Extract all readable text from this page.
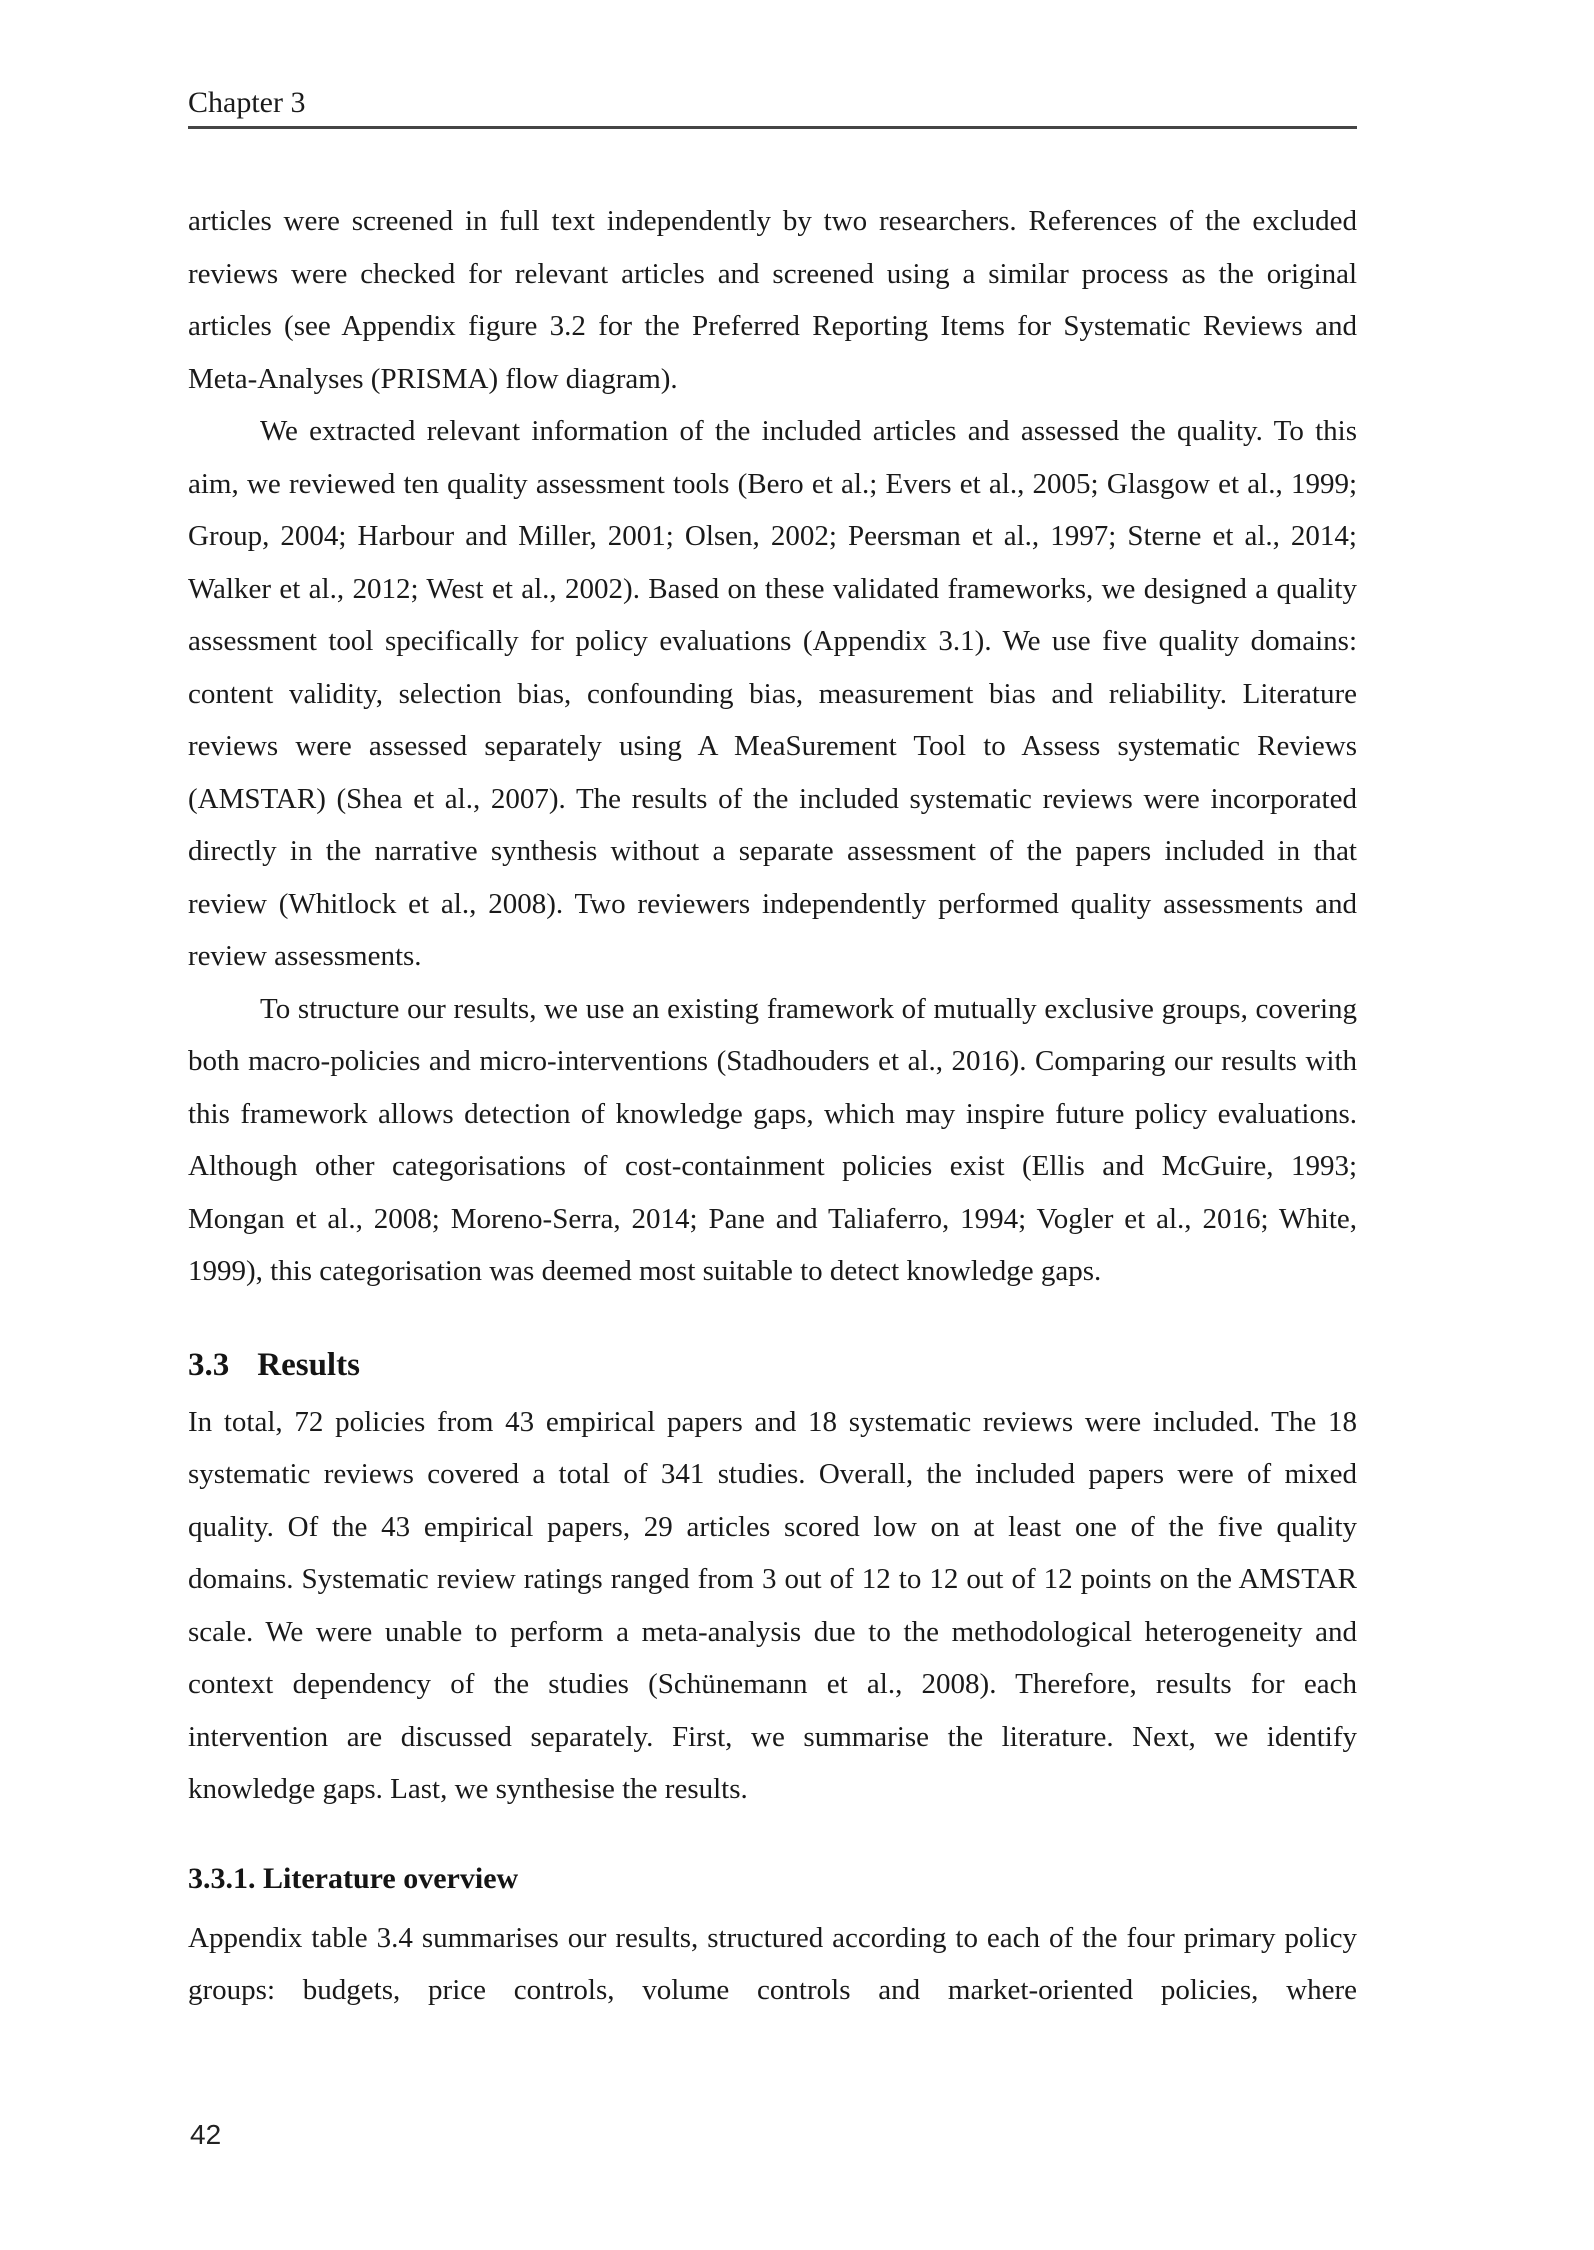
Chapter 3

articles were screened in full text independently by two researchers. References of the excluded reviews were checked for relevant articles and screened using a similar process as the original articles (see Appendix figure 3.2 for the Preferred Reporting Items for Systematic Reviews and Meta-Analyses (PRISMA) flow diagram).

We extracted relevant information of the included articles and assessed the quality. To this aim, we reviewed ten quality assessment tools (Bero et al.; Evers et al., 2005; Glasgow et al., 1999; Group, 2004; Harbour and Miller, 2001; Olsen, 2002; Peersman et al., 1997; Sterne et al., 2014; Walker et al., 2012; West et al., 2002). Based on these validated frameworks, we designed a quality assessment tool specifically for policy evaluations (Appendix 3.1). We use five quality domains: content validity, selection bias, confounding bias, measurement bias and reliability. Literature reviews were assessed separately using A MeaSurement Tool to Assess systematic Reviews (AMSTAR) (Shea et al., 2007). The results of the included systematic reviews were incorporated directly in the narrative synthesis without a separate assessment of the papers included in that review (Whitlock et al., 2008). Two reviewers independently performed quality assessments and review assessments.

To structure our results, we use an existing framework of mutually exclusive groups, covering both macro-policies and micro-interventions (Stadhouders et al., 2016). Comparing our results with this framework allows detection of knowledge gaps, which may inspire future policy evaluations. Although other categorisations of cost-containment policies exist (Ellis and McGuire, 1993; Mongan et al., 2008; Moreno-Serra, 2014; Pane and Taliaferro, 1994; Vogler et al., 2016; White, 1999), this categorisation was deemed most suitable to detect knowledge gaps.

3.3 Results

In total, 72 policies from 43 empirical papers and 18 systematic reviews were included. The 18 systematic reviews covered a total of 341 studies. Overall, the included papers were of mixed quality. Of the 43 empirical papers, 29 articles scored low on at least one of the five quality domains. Systematic review ratings ranged from 3 out of 12 to 12 out of 12 points on the AMSTAR scale. We were unable to perform a meta-analysis due to the methodological heterogeneity and context dependency of the studies (Schünemann et al., 2008). Therefore, results for each intervention are discussed separately. First, we summarise the literature. Next, we identify knowledge gaps. Last, we synthesise the results.

3.3.1. Literature overview

Appendix table 3.4 summarises our results, structured according to each of the four primary policy groups: budgets, price controls, volume controls and market-oriented policies, where

42
